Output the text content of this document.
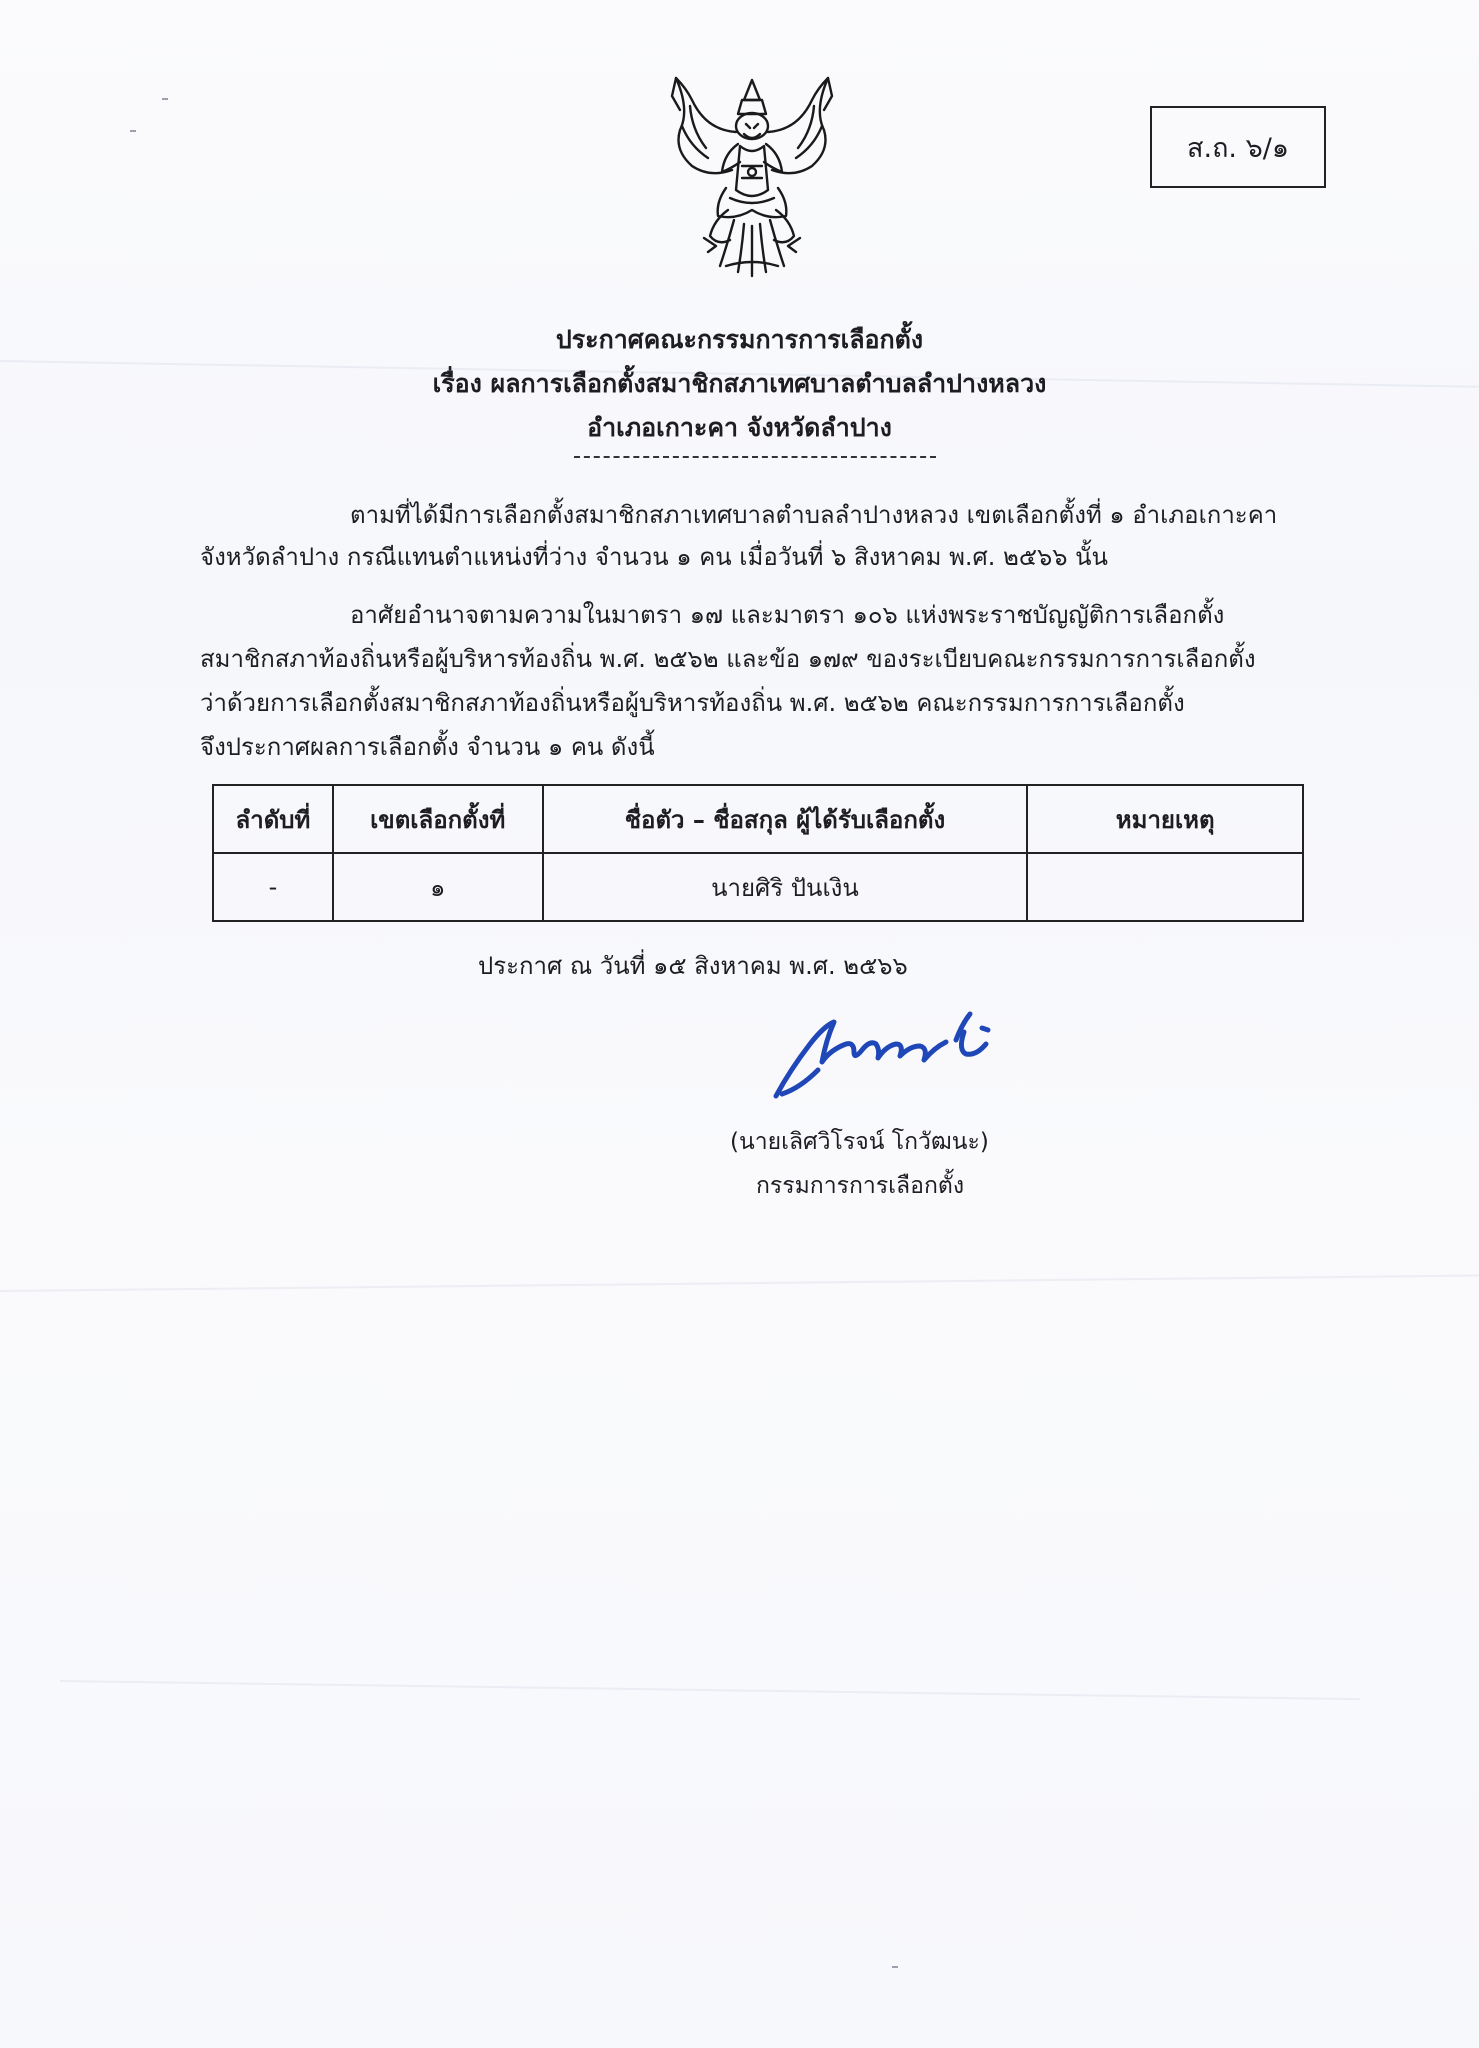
ส.ถ. ๖/๑
ประกาศคณะกรรมการการเลือกตั้ง
เรื่อง ผลการเลือกตั้งสมาชิกสภาเทศบาลตำบลลำปางหลวง
อำเภอเกาะคา จังหวัดลำปาง
ตามที่ได้มีการเลือกตั้งสมาชิกสภาเทศบาลตำบลลำปางหลวง เขตเลือกตั้งที่ ๑ อำเภอเกาะคา
จังหวัดลำปาง กรณีแทนตำแหน่งที่ว่าง จำนวน ๑ คน เมื่อวันที่ ๖ สิงหาคม พ.ศ. ๒๕๖๖ นั้น
อาศัยอำนาจตามความในมาตรา ๑๗ และมาตรา ๑๐๖ แห่งพระราชบัญญัติการเลือกตั้ง
สมาชิกสภาท้องถิ่นหรือผู้บริหารท้องถิ่น พ.ศ. ๒๕๖๒ และข้อ ๑๗๙ ของระเบียบคณะกรรมการการเลือกตั้ง
ว่าด้วยการเลือกตั้งสมาชิกสภาท้องถิ่นหรือผู้บริหารท้องถิ่น พ.ศ. ๒๕๖๒ คณะกรรมการการเลือกตั้ง
จึงประกาศผลการเลือกตั้ง จำนวน ๑ คน ดังนี้
ลำดับที่	เขตเลือกตั้งที่	ชื่อตัว – ชื่อสกุล ผู้ได้รับเลือกตั้ง	หมายเหตุ
-	๑	นายศิริ ปันเงิน	
ประกาศ ณ วันที่ ๑๕ สิงหาคม พ.ศ. ๒๕๖๖
(นายเลิศวิโรจน์ โกวัฒนะ)
กรรมการการเลือกตั้ง
